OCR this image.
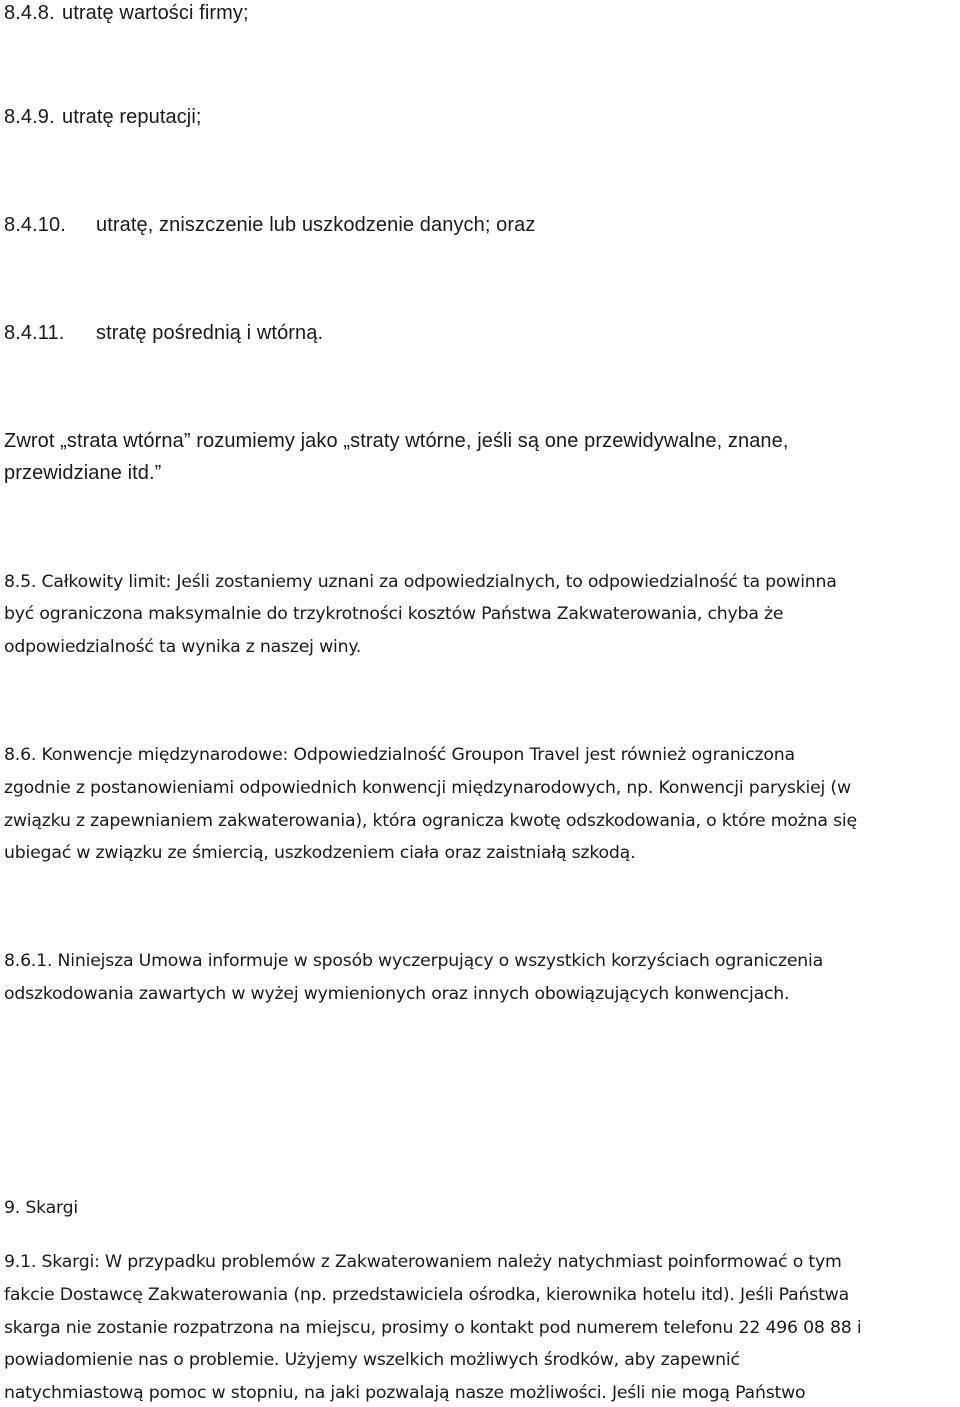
8.4.8. utratę wartości firmy;
8.4.9. utratę reputacji;
8.4.10. utratę, zniszczenie lub uszkodzenie danych; oraz
8.4.11. stratę pośrednią i wtórną.
Zwrot „strata wtórna” rozumiemy jako „straty wtórne, jeśli są one przewidywalne, znane,
przewidziane itd.”
8.5. Całkowity limit: Jeśli zostaniemy uznani za odpowiedzialnych, to odpowiedzialność ta powinna
być ograniczona maksymalnie do trzykrotności kosztów Państwa Zakwaterowania, chyba że
odpowiedzialność ta wynika z naszej winy.
8.6. Konwencje międzynarodowe: Odpowiedzialność Groupon Travel jest również ograniczona
zgodnie z postanowieniami odpowiednich konwencji międzynarodowych, np. Konwencji paryskiej (w
związku z zapewnianiem zakwaterowania), która ogranicza kwotę odszkodowania, o które można się
ubiegać w związku ze śmiercią, uszkodzeniem ciała oraz zaistniałą szkodą.
8.6.1. Niniejsza Umowa informuje w sposób wyczerpujący o wszystkich korzyściach ograniczenia
odszkodowania zawartych w wyżej wymienionych oraz innych obowiązujących konwencjach.
9. Skargi
9.1. Skargi: W przypadku problemów z Zakwaterowaniem należy natychmiast poinformować o tym
fakcie Dostawcę Zakwaterowania (np. przedstawiciela ośrodka, kierownika hotelu itd). Jeśli Państwa
skarga nie zostanie rozpatrzona na miejscu, prosimy o kontakt pod numerem telefonu 22 496 08 88 i
powiadomienie nas o problemie. Użyjemy wszelkich możliwych środków, aby zapewnić
natychmiastową pomoc w stopniu, na jaki pozwalają nasze możliwości. Jeśli nie mogą Państwo
